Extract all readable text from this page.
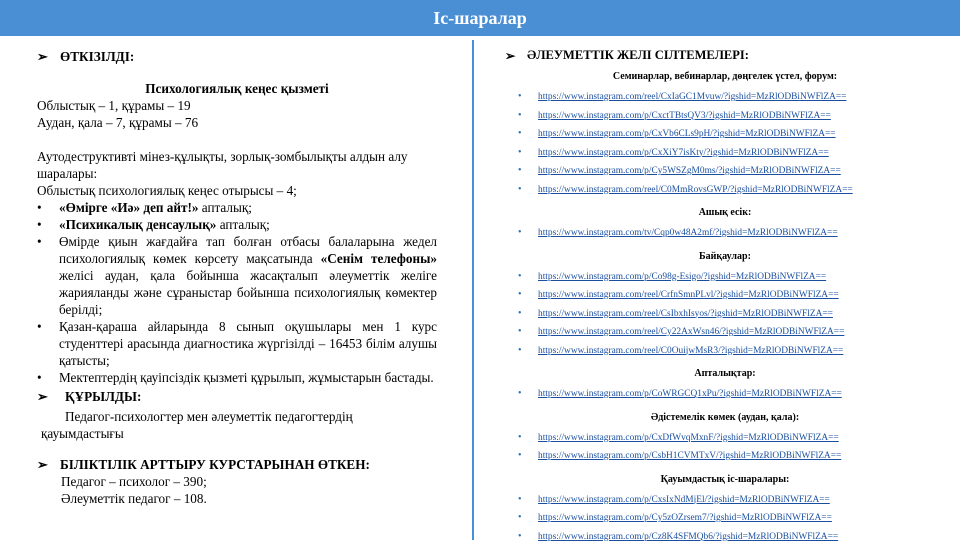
Іс-шаралар
➢ ӨТКІЗІЛДІ:
Психологиялық кеңес қызметі
Облыстық – 1, құрамы – 19
Аудан, қала – 7, құрамы – 76
Аутодеструктивті мінез-құлықты, зорлық-зомбылықты алдын алу шаралары:
Облыстық психологиялық кеңес отырысы – 4;
• «Өмірге «Иә» деп айт!» апталық;
• «Психикалық денсаулық» апталық;
• Өмірде қиын жағдайға тап болған отбасы балаларына жедел психологиялық көмек көрсету мақсатында «Сенім телефоны» желісі аудан, қала бойынша жасақталып әлеуметтік желіге жарияланды және сұраныстар бойынша психологиялық көмектер берілді;
• Қазан-қараша айларында 8 сынып оқушылары мен 1 курс студенттері арасында диагностика жүргізілді – 16453 білім алушы қатысты;
• Мектептердің қауіпсіздік қызметі құрылып, жұмыстарын бастады.
➢ ҚҰРЫЛДЫ:
Педагог-психологтер мен әлеуметтік педагогтердің қауымдастығы
➢ БІЛІКТІЛІК АРТТЫРУ КУРСТАРЫНАН ӨТКЕН:
Педагог – психолог – 390;
Әлеуметтік педагог – 108.
➢ ӘЛЕУМЕТТІК ЖЕЛІ СІЛТЕМЕЛЕРІ:
Семинарлар, вебинарлар, дөңгелек үстел, форум:
• https://www.instagram.com/reel/CxIaGC1Mvuw/?igshid=MzRlODBiNWFlZA==
• https://www.instagram.com/p/CxctTBtsQV3/?igshid=MzRlODBiNWFlZA==
• https://www.instagram.com/p/CxVb6CLs9pH/?igshid=MzRlODBiNWFlZA==
• https://www.instagram.com/p/CxXiY7isKty/?igshid=MzRlODBiNWFlZA==
• https://www.instagram.com/p/Cy5WSZgM0ms/?igshid=MzRlODBiNWFlZA==
• https://www.instagram.com/reel/C0MmRovsGWP/?igshid=MzRlODBiNWFlZA==
Ашық есік:
• https://www.instagram.com/tv/Cqp0w48A2mf/?igshid=MzRlODBiNWFlZA==
Байқаулар:
• https://www.instagram.com/p/Co98g-Esigo/?igshid=MzRlODBiNWFlZA==
• https://www.instagram.com/reel/CrfnSmnPLvl/?igshid=MzRlODBiNWFlZA==
• https://www.instagram.com/reel/CsIbxhIsyos/?igshid=MzRlODBiNWFlZA==
• https://www.instagram.com/reel/Cy22AxWsn46/?igshid=MzRlODBiNWFlZA==
• https://www.instagram.com/reel/C0OuijwMsR3/?igshid=MzRlODBiNWFlZA==
Апталықтар:
• https://www.instagram.com/p/CoWRGCQ1xPu/?igshid=MzRlODBiNWFlZA==
Әдістемелік көмек (аудан, қала):
• https://www.instagram.com/p/CxDfWvqMxnF/?igshid=MzRlODBiNWFlZA==
• https://www.instagram.com/p/CsbH1CVMTxV/?igshid=MzRlODBiNWFlZA==
Қауымдастық іс-шаралары:
• https://www.instagram.com/p/CxsIxNdMjEl/?igshid=MzRlODBiNWFlZA==
• https://www.instagram.com/p/Cy5zOZrsem7/?igshid=MzRlODBiNWFlZA==
• https://www.instagram.com/p/Cz8K4SFMQb6/?igshid=MzRlODBiNWFlZA==
